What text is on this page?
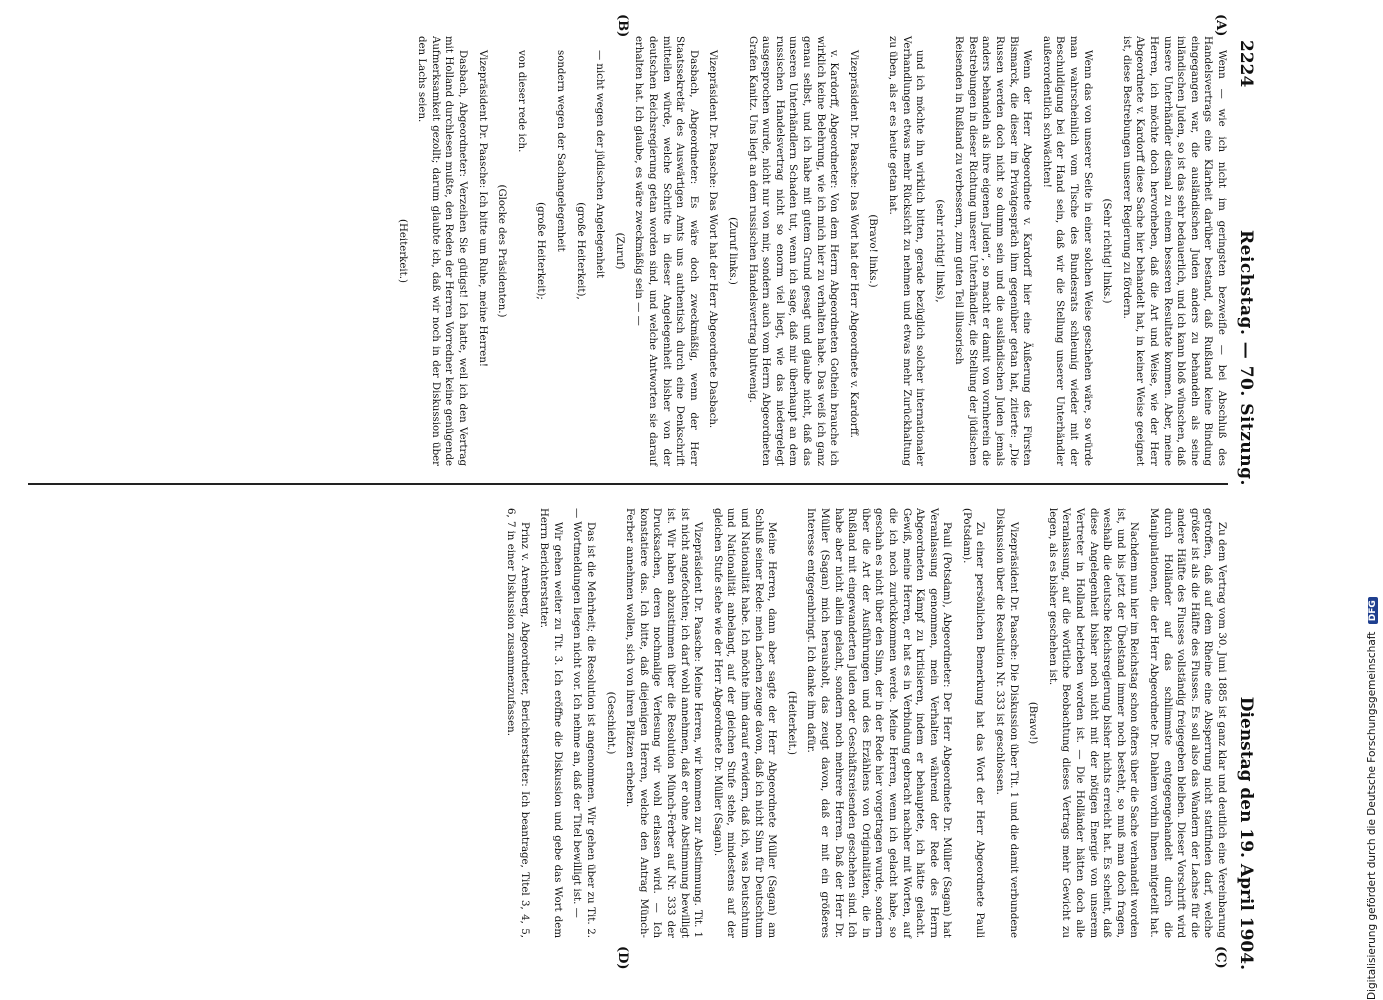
2224
Reichstag. — 70. Sitzung.
Dienstag den 19. April 1904.
(A)
(B)
(C)
(D)

Wenn — wie ich nicht im geringsten bezweifle — bei Abschluß des Handelsvertrags eine Klarheit darüber bestand, daß Rußland keine Bindung eingegangen war, die ausländischen Juden anders zu behandeln als seine inländischen Juden, so ist das sehr bedauerlich, und ich kann bloß wünschen, daß unsere Unterhändler diesmal zu einem besseren Resultate kommen. Aber, meine Herren, ich möchte doch hervorheben, daß die Art und Weise, wie der Herr Abgeordnete v. Kardorff diese Sache hier behandelt hat, in keiner Weise geeignet ist, diese Bestrebungen unserer Regierung zu fördern.

(Sehr richtig! links.)

Wenn das von unserer Seite in einer solchen Weise geschehen wäre, so würde man wahrscheinlich vom Tische des Bundesrats schleunig wieder mit der Beschuldigung bei der Hand sein, daß wir die Stellung unserer Unterhändler außerordentlich schwächten!

Wenn der Herr Abgeordnete v. Kardorff hier eine Äußerung des Fürsten Bismarck, die dieser im Privatgespräch ihm gegenüber getan hat, zitierte: „Die Russen werden doch nicht so dumm sein und die ausländischen Juden jemals anders behandeln als ihre eigenen Juden“, so macht er damit von vornherein die Bestrebungen in dieser Richtung unserer Unterhändler, die Stellung der jüdischen Reisenden in Rußland zu verbessern, zum guten Teil illusorisch

(sehr richtig! links),

und ich möchte ihn wirklich bitten, gerade bezüglich solcher internationaler Verhandlungen etwas mehr Rücksicht zu nehmen und etwas mehr Zurückhaltung zu üben, als er es heute getan hat.

(Bravo! links.)

Vizepräsident Dr. Paasche: Das Wort hat der Herr Abgeordnete v. Kardorff.

v. Kardorff, Abgeordneter: Von dem Herrn Abgeordneten Gothein brauche ich wirklich keine Belehrung, wie ich mich hier zu verhalten habe. Das weiß ich ganz genau selbst, und ich habe mit gutem Grund gesagt und glaube nicht, daß das unseren Unterhändlern Schaden tut, wenn ich sage, daß mir überhaupt an dem russischen Handelsvertrag nicht so enorm viel liegt, wie das niedergelegt ausgesprochen wurde, nicht nur von mir, sondern auch vom Herrn Abgeordneten Grafen Kanitz. Uns liegt an dem russischen Handelsvertrag blutwenig.

(Zuruf links.)

Vizepräsident Dr. Paasche: Das Wort hat der Herr Abgeordnete Dasbach.

Dasbach, Abgeordneter: Es wäre doch zweckmäßig, wenn der Herr Staatssekretär des Auswärtigen Amts uns authentisch durch eine Denkschrift mitteilen würde, welche Schritte in dieser Angelegenheit bisher von der deutschen Reichsregierung getan worden sind, und welche Antworten sie darauf erhalten hat. Ich glaube, es wäre zweckmäßig sein — —

(Zuruf)

— nicht wegen der jüdischen Angelegenheit

(große Heiterkeit),

sondern wegen der Sachangelegenheit

(große Heiterkeit);

von dieser rede ich.

(Glocke des Präsidenten.)

Vizepräsident Dr. Paasche: Ich bitte um Ruhe, meine Herren!

Dasbach, Abgeordneter: Verzeihen Sie gütigst! Ich hatte, weil ich den Vertrag mit Holland durchlesen mußte, den Reden der Herren Vorredner keine genügende Aufmerksamkeit gezollt; darum glaubte ich, daß wir noch in der Diskussion über den Lachs seien.

(Heiterkeit.)

Zu dem Vertrag vom 30. Juni 1885 ist ganz klar und deutlich eine Vereinbarung getroffen, daß auf dem Rheine eine Absperrung nicht stattfinden darf, welche größer ist als die Hälfte des Flusses. Es soll also das Wandern der Lachse für die andere Hälfte des Flusses vollständig freigegeben bleiben. Dieser Vorschrift wird durch Holländer auf das schlimmste entgegengehandelt durch die Manipulationen, die der Herr Abgeordnete Dr. Dahlem vorhin Ihnen mitgeteilt hat.

Nachdem nun hier im Reichstag schon öfters über die Sache verhandelt worden ist, und bis jetzt der Übelstand immer noch besteht, so muß man doch fragen, weshalb die deutsche Reichsregierung bisher nichts erreicht hat. Es scheint, daß diese Angelegenheit bisher noch nicht mit der nötigen Energie von unserem Vertreter in Holland betrieben worden ist. — Die Holländer hätten doch alle Veranlassung, auf die wörtliche Beobachtung dieses Vertrags mehr Gewicht zu legen, als es bisher geschehen ist.

(Bravo!)

Vizepräsident Dr. Paasche: Die Diskussion über Tit. 1 und die damit verbundene Diskussion über die Resolution Nr. 333 ist geschlossen.

Zu einer persönlichen Bemerkung hat das Wort der Herr Abgeordnete Pauli (Potsdam).

Pauli (Potsdam), Abgeordneter: Der Herr Abgeordnete Dr. Müller (Sagan) hat Veranlassung genommen, mein Verhalten während der Rede des Herrn Abgeordneten Kämpf zu kritisieren, indem er behauptete, ich hätte gelacht. Gewiß, meine Herren, er hat es in Verbindung gebracht nachher mit Worten, auf die ich noch zurückkommen werde. Meine Herren, wenn ich gelacht habe, so geschah es nicht über den Sinn, der in der Rede hier vorgetragen wurde, sondern über die Art der Ausführungen und des Erzählens von Originalitäten, die in Rußland mit eingewanderten Juden oder Geschäftsreisenden geschehen sind. Ich habe aber nicht allein gelacht, sondern noch mehrere Herren. Daß der Herr Dr. Müller (Sagan) mich herausholt, das zeugt davon, daß er mit ein größeres Interesse entgegenbringt. Ich danke ihm dafür.

(Heiterkeit.)

Meine Herren, dann aber sagte der Herr Abgeordnete Müller (Sagan) am Schluß seiner Rede: mein Lachen zeuge davon, daß ich nicht Sinn für Deutschtum und Nationalität habe. Ich möchte ihm darauf erwidern, daß ich, was Deutschtum und Nationalität anbelangt, auf der gleichen Stufe stehe, mindestens auf der gleichen Stufe stehe wie der Herr Abgeordnete Dr. Müller (Sagan).

Vizepräsident Dr. Paasche: Meine Herren, wir kommen zur Abstimmung. Tit. 1 ist nicht angefochten; ich darf wohl annehmen, daß er ohne Abstimmung bewilligt ist. Wir haben abzustimmen über die Resolution Münch-Ferber auf Nr. 333 der Drucksachen, deren nochmalige Verlesung wir wohl erlassen wird. — Ich konstatiere das. Ich bitte, daß diejenigen Herren, welche den Antrag Münch-Ferber annehmen wollen, sich von ihren Plätzen erheben.

(Geschieht.)

Das ist die Mehrheit; die Resolution ist angenommen. Wir gehen über zu Tit. 2. — Wortmeldungen liegen nicht vor. Ich nehme an, daß der Titel bewilligt ist. —

Wir gehen weiter zu Tit. 3. Ich eröffne die Diskussion und gebe das Wort dem Herrn Berichterstatter.

Prinz v. Arenberg, Abgeordneter, Berichterstatter: Ich beantrage, Titel 3, 4, 5, 6, 7 in einer Diskussion zusammenzufassen.

Digitalisierung gefördert durch die Deutsche Forschungsgemeinschaft DFG
